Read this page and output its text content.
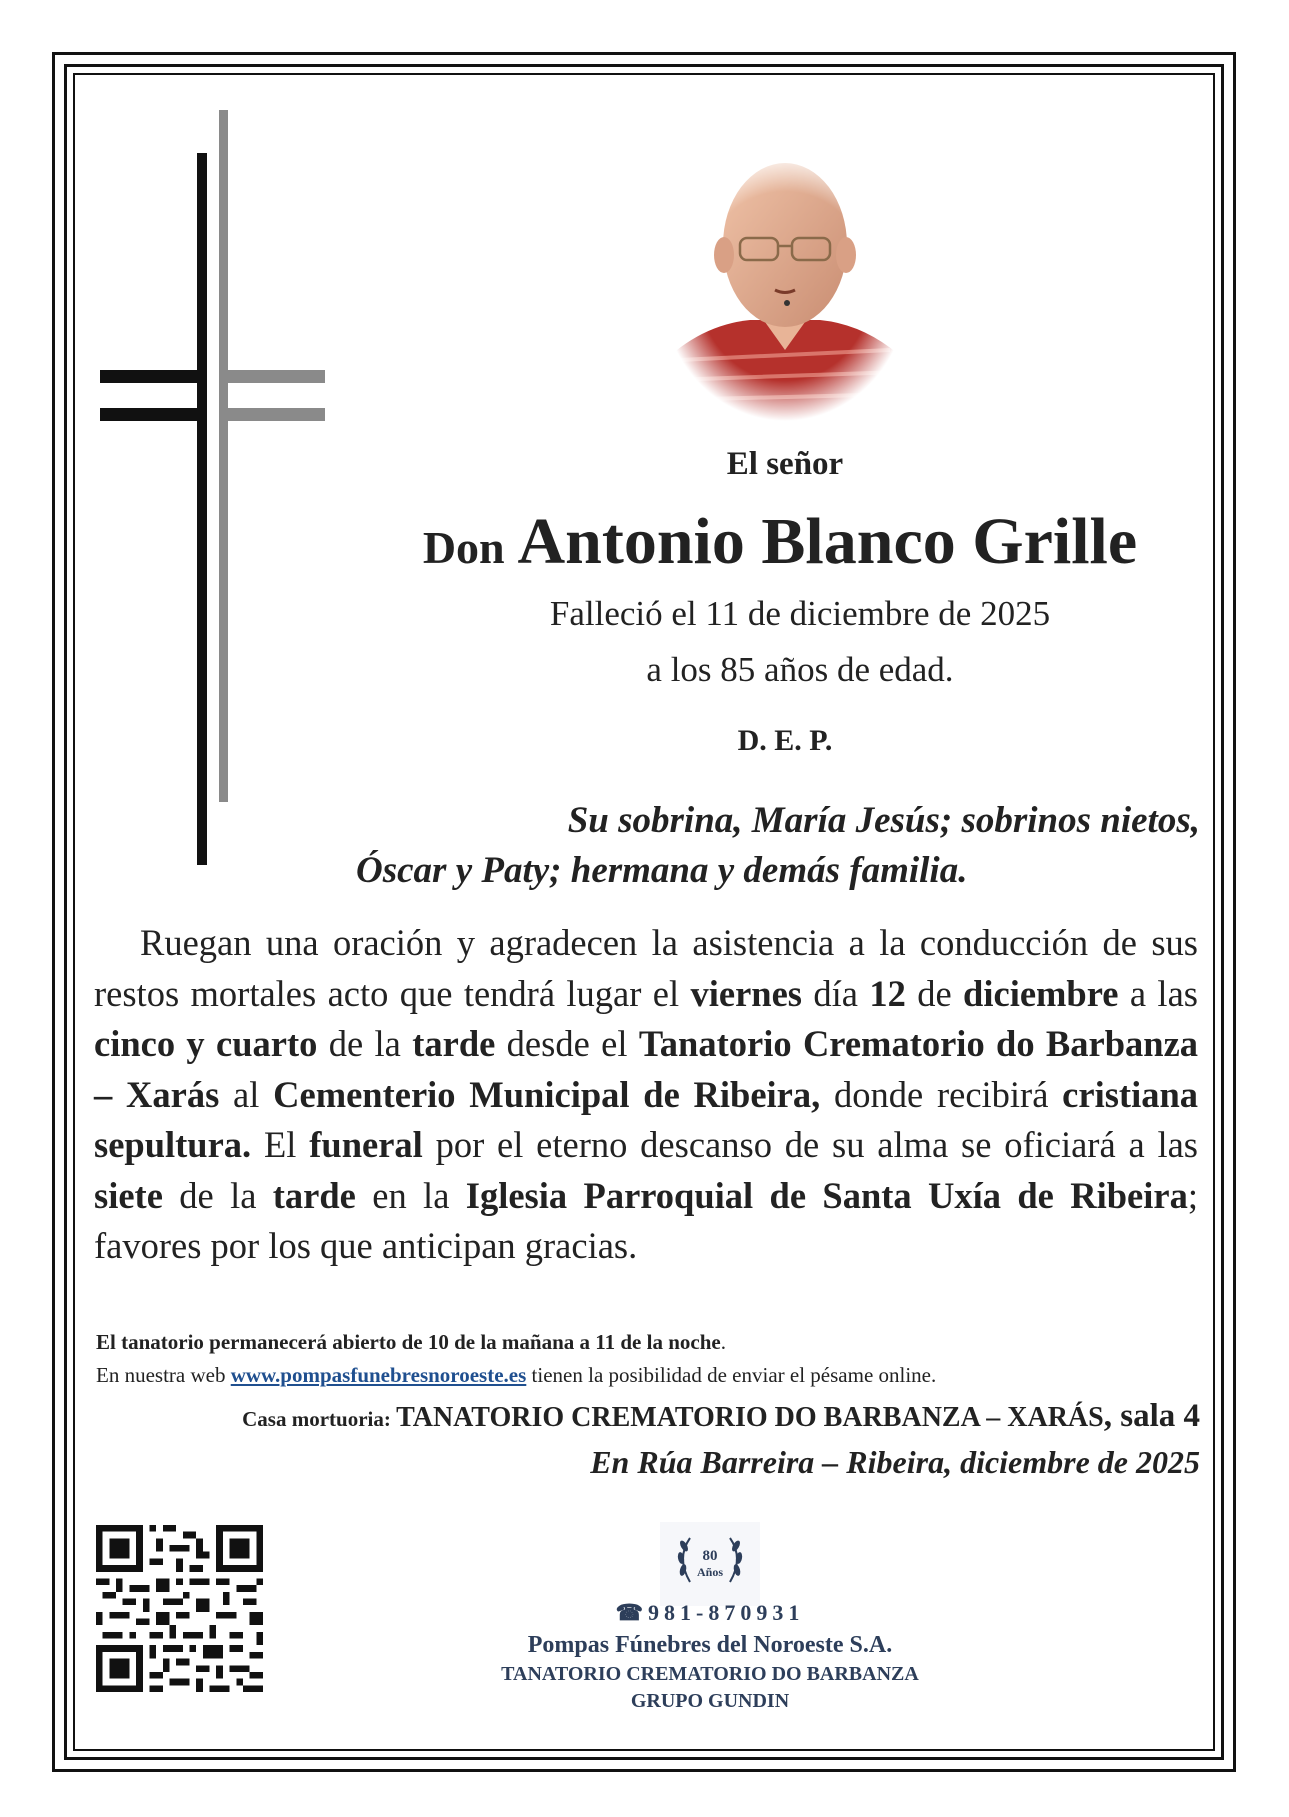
El señor
Don Antonio Blanco Grille
Falleció el 11 de diciembre de 2025
a los 85 años de edad.
D. E. P.
Su sobrina, María Jesús; sobrinos nietos,
Óscar y Paty; hermana y demás familia.
Ruegan una oración y agradecen la asistencia a la conducción de sus restos mortales acto que tendrá lugar el viernes día 12 de diciembre a las cinco y cuarto de la tarde desde el Tanatorio Crematorio do Barbanza – Xarás al Cementerio Municipal de Ribeira, donde recibirá cristiana sepultura. El funeral por el eterno descanso de su alma se oficiará a las siete de la tarde en la Iglesia Parroquial de Santa Uxía de Ribeira; favores por los que anticipan gracias.
El tanatorio permanecerá abierto de 10 de la mañana a 11 de la noche.
En nuestra web www.pompasfunebresnoroeste.es tienen la posibilidad de enviar el pésame online.
Casa mortuoria: TANATORIO CREMATORIO DO BARBANZA – XARÁS, sala 4
En Rúa Barreira – Ribeira, diciembre de 2025
80
Años
☎981-870931
Pompas Fúnebres del Noroeste S.A.
TANATORIO CREMATORIO DO BARBANZA
GRUPO GUNDIN
